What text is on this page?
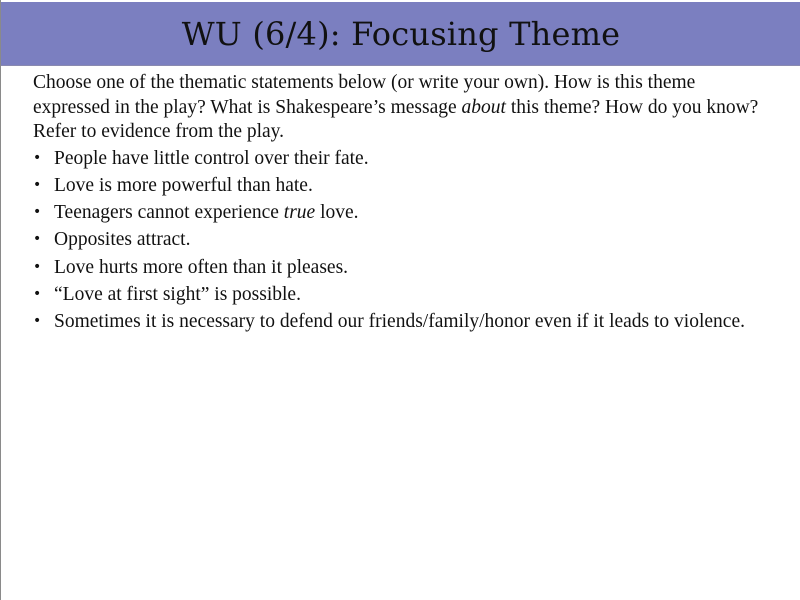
WU (6/4): Focusing Theme

Choose one of the thematic statements below (or write your own). How is this theme expressed in the play? What is Shakespeare’s message about this theme? How do you know? Refer to evidence from the play.

• People have little control over their fate.
• Love is more powerful than hate.
• Teenagers cannot experience true love.
• Opposites attract.
• Love hurts more often than it pleases.
• “Love at first sight” is possible.
• Sometimes it is necessary to defend our friends/family/honor even if it leads to violence.
